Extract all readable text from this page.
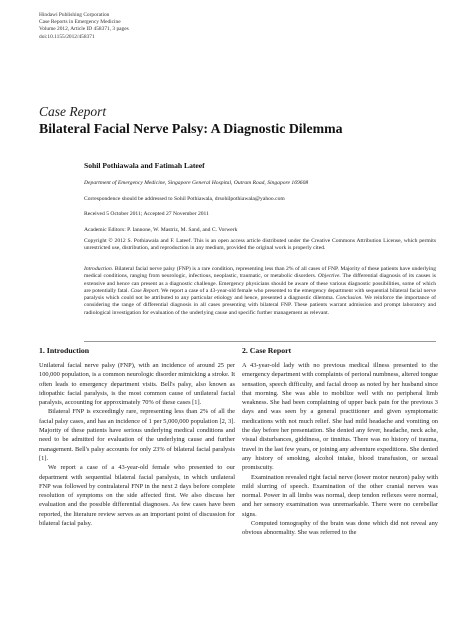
Hindawi Publishing Corporation
Case Reports in Emergency Medicine
Volume 2012, Article ID 458371, 3 pages
doi:10.1155/2012/458371
Case Report
Bilateral Facial Nerve Palsy: A Diagnostic Dilemma
Sohil Pothiawala and Fatimah Lateef
Department of Emergency Medicine, Singapore General Hospital, Outram Road, Singapore 169608
Correspondence should be addressed to Sohil Pothiawala, drsohilpothiawala@yahoo.com
Received 5 October 2011; Accepted 27 November 2011
Academic Editors: P. Iannone, W. Mastriz, M. Sand, and C. Vorwerk
Copyright © 2012 S. Pothiawala and F. Lateef. This is an open access article distributed under the Creative Commons Attribution License, which permits unrestricted use, distribution, and reproduction in any medium, provided the original work is properly cited.

Introduction. Bilateral facial nerve palsy (FNP) is a rare condition, representing less than 2% of all cases of FNP. Majority of these patients have underlying medical conditions, ranging from neurologic, infectious, neoplastic, traumatic, or metabolic disorders. Objective. The differential diagnosis of its causes is extensive and hence can present as a diagnostic challenge. Emergency physicians should be aware of these various diagnostic possibilities, some of which are potentially fatal. Case Report. We report a case of a 43-year-old female who presented to the emergency department with sequential bilateral facial nerve paralysis which could not be attributed to any particular etiology and hence, presented a diagnostic dilemma. Conclusion. We reinforce the importance of considering the range of differential diagnosis in all cases presenting with bilateral FNP. These patients warrant admission and prompt laboratory and radiological investigation for evaluation of the underlying cause and specific further management as relevant.

1. Introduction	2. Case Report

Unilateral facial nerve palsy (FNP), with an incidence of around 25 per 100,000 population, is a common neurologic disorder mimicking a stroke. It often leads to emergency department visits. Bell's palsy, also known as idiopathic facial paralysis, is the most common cause of unilateral facial paralysis, accounting for approximately 70% of these cases [1].

Bilateral FNP is exceedingly rare, representing less than 2% of all the facial palsy cases, and has an incidence of 1 per 5,000,000 population [2, 3]. Majority of these patients have serious underlying medical conditions and need to be admitted for evaluation of the underlying cause and further management. Bell's palsy accounts for only 23% of bilateral facial paralysis [1].

We report a case of a 43-year-old female who presented to our department with sequential bilateral facial paralysis, in which unilateral FNP was followed by contralateral FNP in the next 2 days before complete resolution of symptoms on the side affected first. We also discuss her evaluation and the possible differential diagnoses. As few cases have been reported, the literature review serves as an important point of discussion for bilateral facial palsy.

A 43-year-old lady with no previous medical illness presented to the emergency department with complaints of perioral numbness, altered tongue sensation, speech difficulty, and facial droop as noted by her husband since that morning. She was able to mobilize well with no peripheral limb weakness. She had been complaining of upper back pain for the previous 3 days and was seen by a general practitioner and given symptomatic medications with not much relief. She had mild headache and vomiting on the day before her presentation. She denied any fever, headache, neck ache, visual disturbances, giddiness, or tinnitus. There was no history of trauma, travel in the last few years, or joining any adventure expeditions. She denied any history of smoking, alcohol intake, blood transfusion, or sexual promiscuity.

Examination revealed right facial nerve (lower motor neuron) palsy with mild slurring of speech. Examination of the other cranial nerves was normal. Power in all limbs was normal, deep tendon reflexes were normal, and her sensory examination was unremarkable. There were no cerebellar signs.

Computed tomography of the brain was done which did not reveal any obvious abnormality. She was referred to the
